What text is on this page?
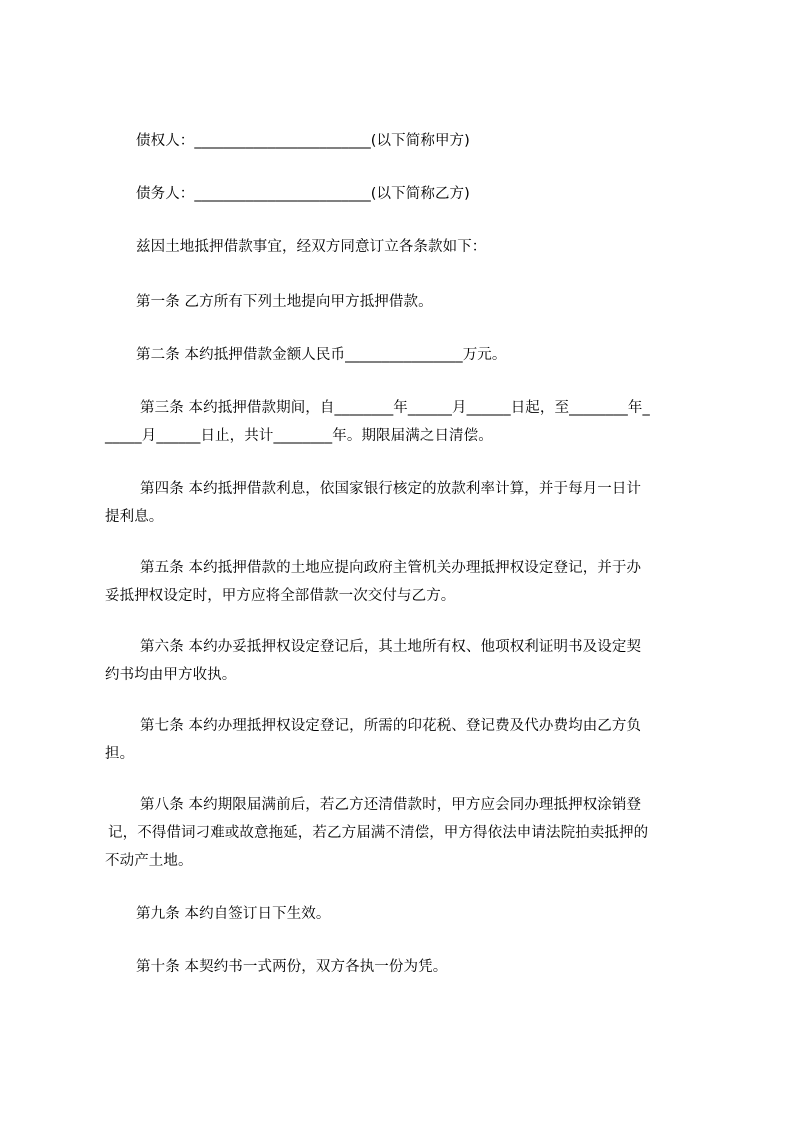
债权人：________________________(以下简称甲方)
债务人：________________________(以下简称乙方)
兹因土地抵押借款事宜，经双方同意订立各条款如下：
第一条 乙方所有下列土地提向甲方抵押借款。
第二条 本约抵押借款金额人民币________________万元。
第三条 本约抵押借款期间，自________年______月______日起，至________年_
_____月______日止，共计________年。期限届满之日清偿。
第四条 本约抵押借款利息，依国家银行核定的放款利率计算，并于每月一日计
提利息。
第五条 本约抵押借款的土地应提向政府主管机关办理抵押权设定登记，并于办
妥抵押权设定时，甲方应将全部借款一次交付与乙方。
第六条 本约办妥抵押权设定登记后，其土地所有权、他项权利证明书及设定契
约书均由甲方收执。
第七条 本约办理抵押权设定登记，所需的印花税、登记费及代办费均由乙方负
担。
第八条 本约期限届满前后，若乙方还清借款时，甲方应会同办理抵押权涂销登
记，不得借词刁难或故意拖延，若乙方届满不清偿，甲方得依法申请法院拍卖抵押的
不动产土地。
第九条 本约自签订日下生效。
第十条 本契约书一式两份，双方各执一份为凭。
